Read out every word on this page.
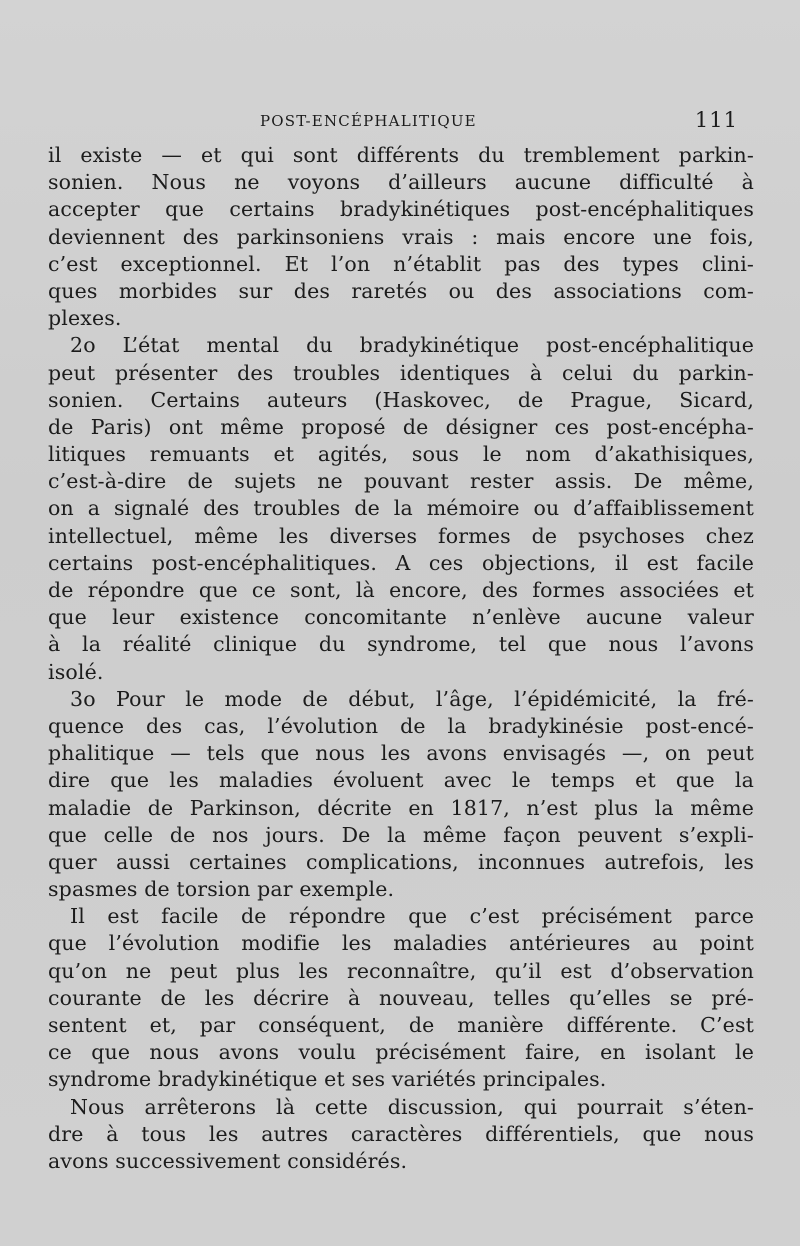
POST-ENCÉPHALITIQUE	111
il existe — et qui sont différents du tremblement parkin-
sonien. Nous ne voyons d’ailleurs aucune difficulté à
accepter que certains bradykinétiques post-encéphalitiques
deviennent des parkinsoniens vrais : mais encore une fois,
c’est exceptionnel. Et l’on n’établit pas des types clini-
ques morbides sur des raretés ou des associations com-
plexes.
2o L’état mental du bradykinétique post-encéphalitique
peut présenter des troubles identiques à celui du parkin-
sonien. Certains auteurs (Haskovec, de Prague, Sicard,
de Paris) ont même proposé de désigner ces post-encépha-
litiques remuants et agités, sous le nom d’akathisiques,
c’est-à-dire de sujets ne pouvant rester assis. De même,
on a signalé des troubles de la mémoire ou d’affaiblissement
intellectuel, même les diverses formes de psychoses chez
certains post-encéphalitiques. A ces objections, il est facile
de répondre que ce sont, là encore, des formes associées et
que leur existence concomitante n’enlève aucune valeur
à la réalité clinique du syndrome, tel que nous l’avons
isolé.
3o Pour le mode de début, l’âge, l’épidémicité, la fré-
quence des cas, l’évolution de la bradykinésie post-encé-
phalitique — tels que nous les avons envisagés —, on peut
dire que les maladies évoluent avec le temps et que la
maladie de Parkinson, décrite en 1817, n’est plus la même
que celle de nos jours. De la même façon peuvent s’expli-
quer aussi certaines complications, inconnues autrefois, les
spasmes de torsion par exemple.
Il est facile de répondre que c’est précisément parce
que l’évolution modifie les maladies antérieures au point
qu’on ne peut plus les reconnaître, qu’il est d’observation
courante de les décrire à nouveau, telles qu’elles se pré-
sentent et, par conséquent, de manière différente. C’est
ce que nous avons voulu précisément faire, en isolant le
syndrome bradykinétique et ses variétés principales.
Nous arrêterons là cette discussion, qui pourrait s’éten-
dre à tous les autres caractères différentiels, que nous
avons successivement considérés.
